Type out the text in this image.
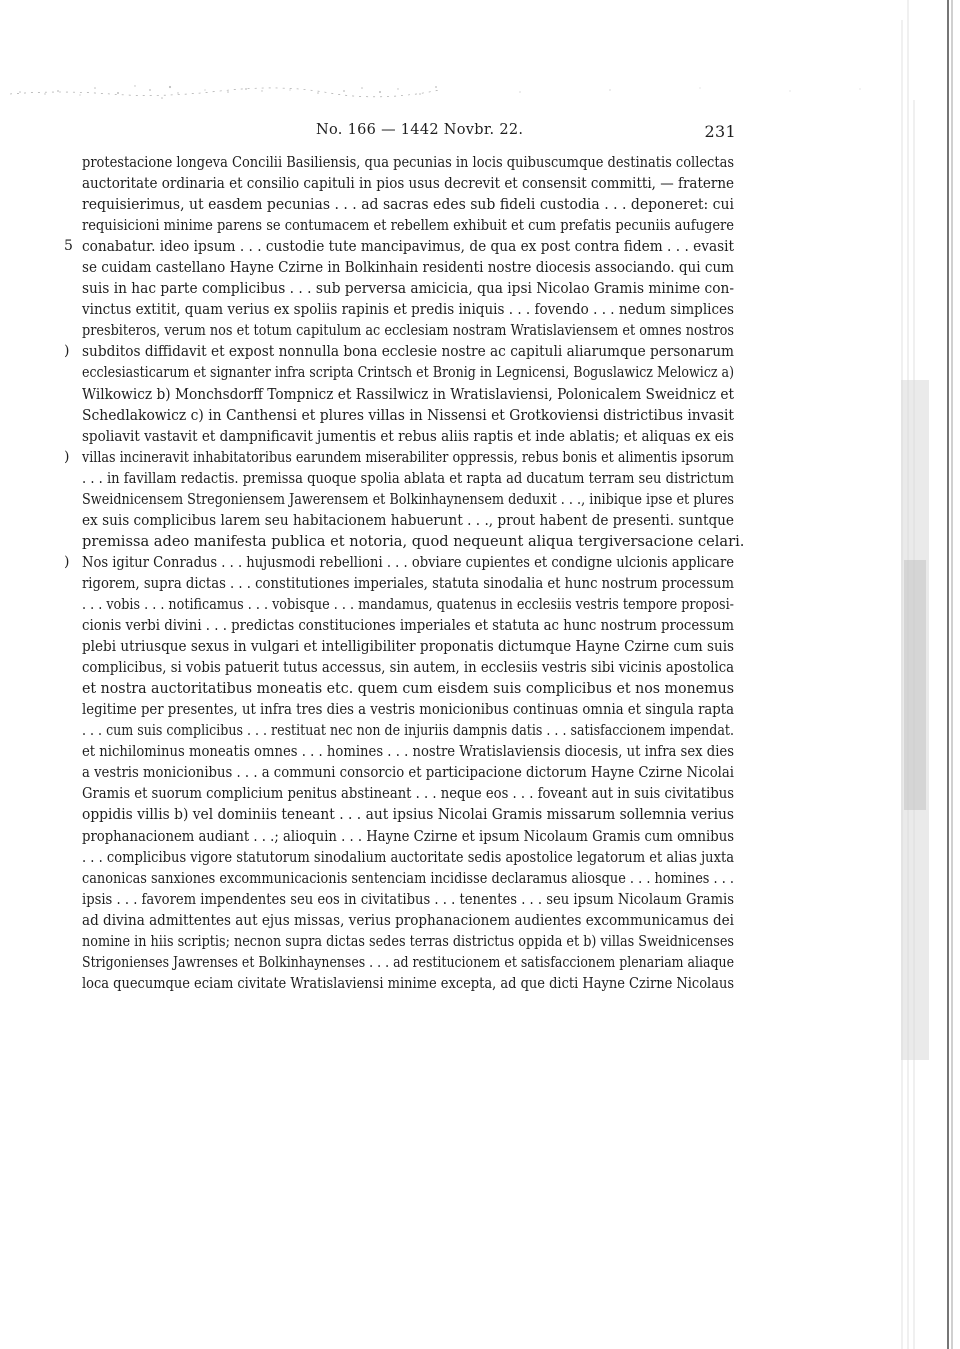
No. 166 — 1442 Novbr. 22.	231
protestacione longeva Concilii Basiliensis, qua pecunias in locis quibuscumque destinatis collectas
auctoritate ordinaria et consilio capituli in pios usus decrevit et consensit committi, — fraterne
requisierimus, ut easdem pecunias . . . ad sacras edes sub fideli custodia . . . deponeret: cui
requisicioni minime parens se contumacem et rebellem exhibuit et cum prefatis pecuniis aufugere
5 conabatur. ideo ipsum . . . custodie tute mancipavimus, de qua ex post contra fidem . . . evasit
se cuidam castellano Hayne Czirne in Bolkinhain residenti nostre diocesis associando. qui cum
suis in hac parte complicibus . . . sub perversa amicicia, qua ipsi Nicolao Gramis minime con-
vinctus extitit, quam verius ex spoliis rapinis et predis iniquis . . . fovendo . . . nedum simplices
presbiteros, verum nos et totum capitulum ac ecclesiam nostram Wratislaviensem et omnes nostros
) subditos diffidavit et expost nonnulla bona ecclesie nostre ac capituli aliarumque personarum
ecclesiasticarum et signanter infra scripta Crintsch et Bronig in Legnicensi, Boguslawicz Melowicz a)
Wilkowicz b) Monchsdorff Tompnicz et Rassilwicz in Wratislaviensi, Polonicalem Sweidnicz et
Schedlakowicz c) in Canthensi et plures villas in Nissensi et Grotkoviensi districtibus invasit
spoliavit vastavit et dampnificavit jumentis et rebus aliis raptis et inde ablatis; et aliquas ex eis
) villas incineravit inhabitatoribus earundem miserabiliter oppressis, rebus bonis et alimentis ipsorum
. . . in favillam redactis. premissa quoque spolia ablata et rapta ad ducatum terram seu districtum
Sweidnicensem Stregoniensem Jawerensem et Bolkinhaynensem deduxit . . ., inibique ipse et plures
ex suis complicibus larem seu habitacionem habuerunt . . ., prout habent de presenti. suntque
premissa adeo manifesta publica et notoria, quod nequeunt aliqua tergiversacione celari.
) Nos igitur Conradus . . . hujusmodi rebellioni . . . obviare cupientes et condigne ulcionis applicare
rigorem, supra dictas . . . constitutiones imperiales, statuta sinodalia et hunc nostrum processum
. . . vobis . . . notificamus . . . vobisque . . . mandamus, quatenus in ecclesiis vestris tempore proposi-
cionis verbi divini . . . predictas constituciones imperiales et statuta ac hunc nostrum processum
plebi utriusque sexus in vulgari et intelligibiliter proponatis dictumque Hayne Czirne cum suis
complicibus, si vobis patuerit tutus accessus, sin autem, in ecclesiis vestris sibi vicinis apostolica
et nostra auctoritatibus moneatis etc. quem cum eisdem suis complicibus et nos monemus
legitime per presentes, ut infra tres dies a vestris monicionibus continuas omnia et singula rapta
. . . cum suis complicibus . . . restituat nec non de injuriis dampnis datis . . . satisfaccionem impendat.
et nichilominus moneatis omnes . . . homines . . . nostre Wratislaviensis diocesis, ut infra sex dies
a vestris monicionibus . . . a communi consorcio et participacione dictorum Hayne Czirne Nicolai
Gramis et suorum complicium penitus abstineant . . . neque eos . . . foveant aut in suis civitatibus
oppidis villis b) vel dominiis teneant . . . aut ipsius Nicolai Gramis missarum sollemnia verius
prophanacionem audiant . . .; alioquin . . . Hayne Czirne et ipsum Nicolaum Gramis cum omnibus
. . . complicibus vigore statutorum sinodalium auctoritate sedis apostolice legatorum et alias juxta
canonicas sanxiones excommunicacionis sentenciam incidisse declaramus aliosque . . . homines . . .
ipsis . . . favorem impendentes seu eos in civitatibus . . . tenentes . . . seu ipsum Nicolaum Gramis
ad divina admittentes aut ejus missas, verius prophanacionem audientes excommunicamus dei
nomine in hiis scriptis; necnon supra dictas sedes terras districtus oppida et b) villas Sweidnicenses
Strigonienses Jawrenses et Bolkinhaynenses . . . ad restitucionem et satisfaccionem plenariam aliaque
loca quecumque eciam civitate Wratislaviensi minime excepta, ad que dicti Hayne Czirne Nicolaus
